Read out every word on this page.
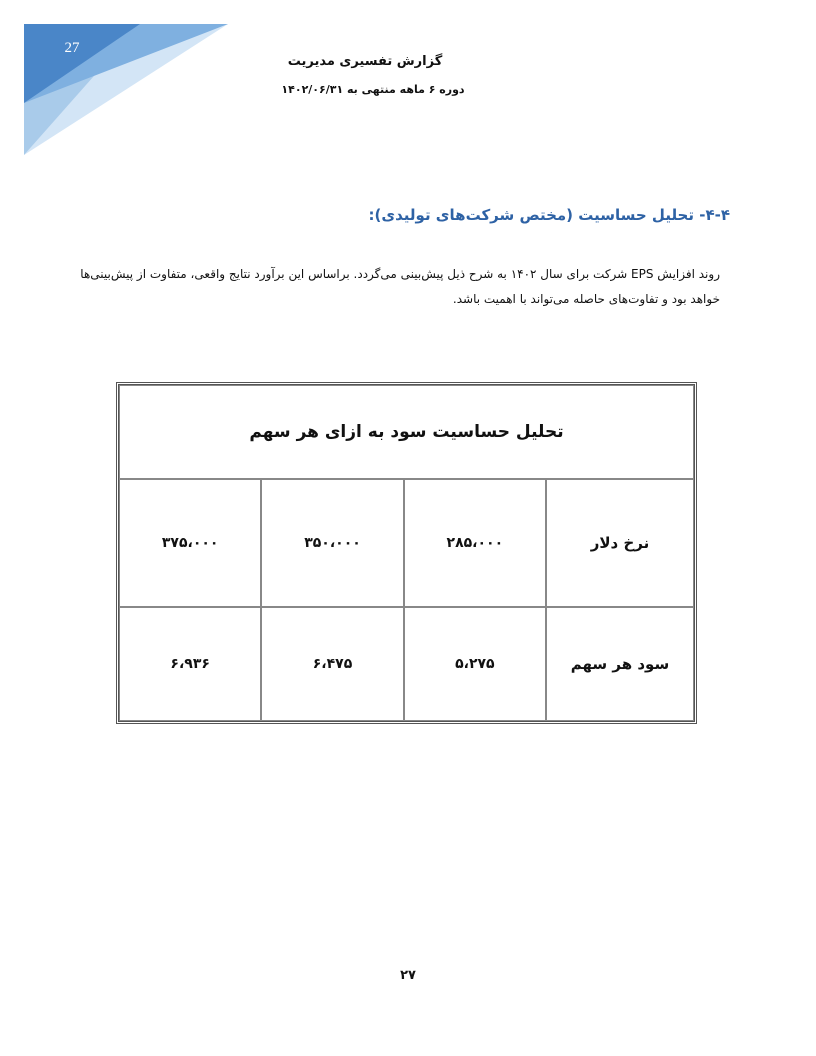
27
گزارش تفسیری مدیریت
دوره ۶ ماهه منتهی به ۱۴۰۲/۰۶/۳۱
۴-۴- تحلیل حساسیت (مختص شرکت‌های تولیدی):
روند افزایش EPS شرکت برای سال ۱۴۰۲ به شرح ذیل پیش‌بینی می‌گردد. براساس این برآورد نتایج واقعی، متفاوت از پیش‌بینی‌ها خواهد بود و تفاوت‌های حاصله می‌تواند با اهمیت باشد.
تحلیل حساسیت سود به ازای هر سهم			
نرخ دلار	۲۸۵،۰۰۰	۳۵۰،۰۰۰	۳۷۵،۰۰۰
سود هر سهم	۵،۲۷۵	۶،۴۷۵	۶،۹۳۶
۲۷
